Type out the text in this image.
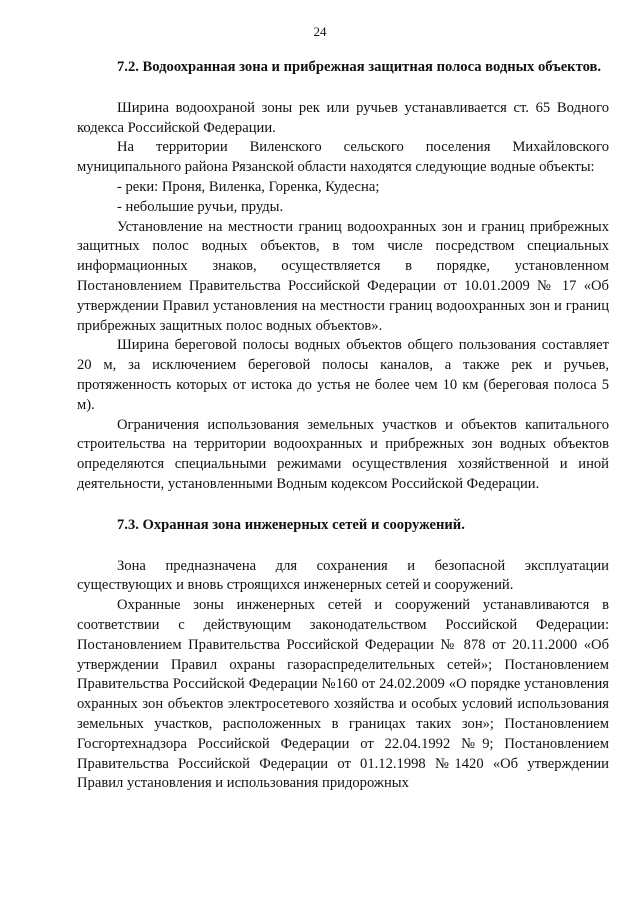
24

7.2. Водоохранная зона и прибрежная защитная полоса водных объектов.

Ширина водоохраной зоны рек или ручьев устанавливается ст. 65 Водного кодекса Российской Федерации.

На территории Виленского сельского поселения Михайловского муниципального района Рязанской области находятся следующие водные объекты:

- реки: Проня, Виленка, Горенка, Кудесна;

- небольшие ручьи, пруды.

Установление на местности границ водоохранных зон и границ прибрежных защитных полос водных объектов, в том числе посредством специальных информационных знаков, осуществляется в порядке, установленном Постановлением Правительства Российской Федерации от 10.01.2009 № 17 «Об утверждении Правил установления на местности границ водоохранных зон и границ прибрежных защитных полос водных объектов».

Ширина береговой полосы водных объектов общего пользования составляет 20 м, за исключением береговой полосы каналов, а также рек и ручьев, протяженность которых от истока до устья не более чем 10 км (береговая полоса 5 м).

Ограничения использования земельных участков и объектов капитального строительства на территории водоохранных и прибрежных зон водных объектов определяются специальными режимами осуществления хозяйственной и иной деятельности, установленными Водным кодексом Российской Федерации.

7.3. Охранная зона инженерных сетей и сооружений.

Зона предназначена для сохранения и безопасной эксплуатации существующих и вновь строящихся инженерных сетей и сооружений.

Охранные зоны инженерных сетей и сооружений устанавливаются в соответствии с действующим законодательством Российской Федерации: Постановлением Правительства Российской Федерации № 878 от 20.11.2000 «Об утверждении Правил охраны газораспределительных сетей»; Постановлением Правительства Российской Федерации №160 от 24.02.2009 «О порядке установления охранных зон объектов электросетевого хозяйства и особых условий использования земельных участков, расположенных в границах таких зон»; Постановлением Госгортехнадзора Российской Федерации от 22.04.1992 №9; Постановлением Правительства Российской Федерации от 01.12.1998 №1420 «Об утверждении Правил установления и использования придорожных
